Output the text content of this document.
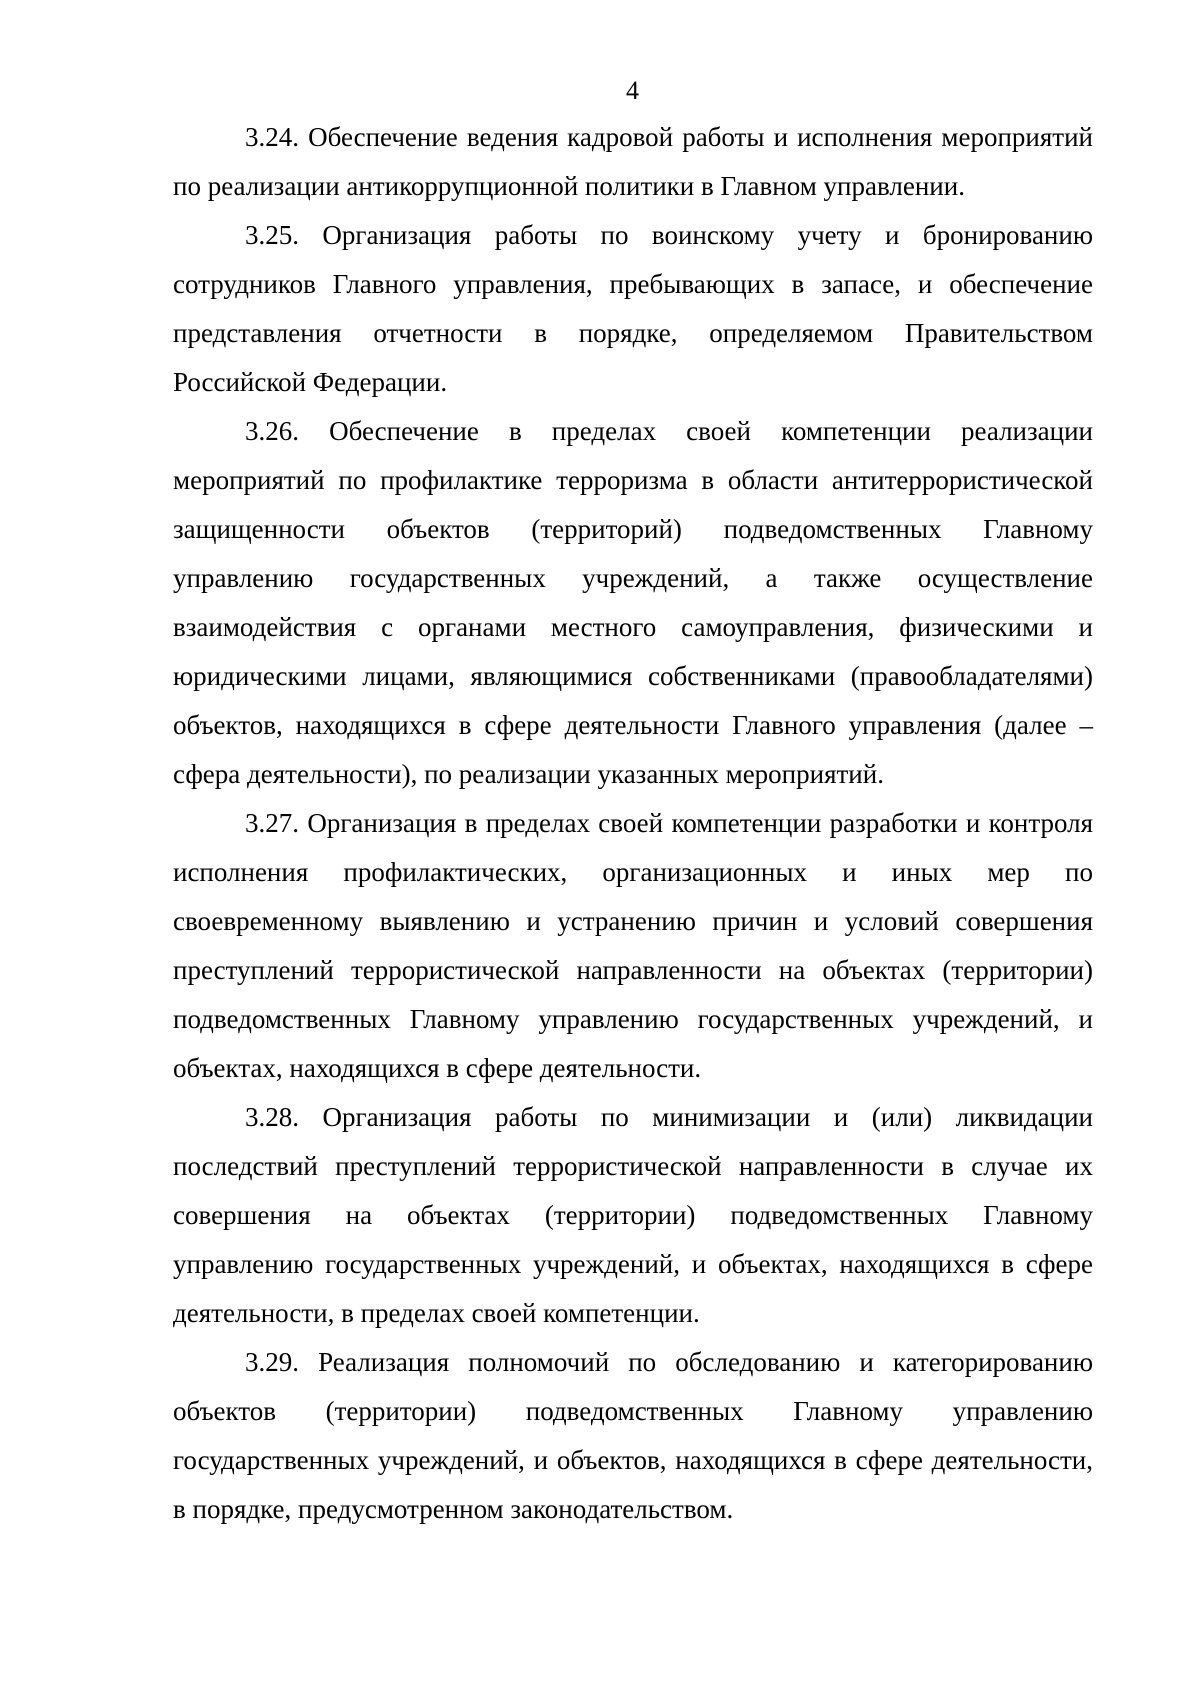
4

3.24. Обеспечение ведения кадровой работы и исполнения мероприятий по реализации антикоррупционной политики в Главном управлении.

3.25. Организация работы по воинскому учету и бронированию сотрудников Главного управления, пребывающих в запасе, и обеспечение представления отчетности в порядке, определяемом Правительством Российской Федерации.

3.26. Обеспечение в пределах своей компетенции реализации мероприятий по профилактике терроризма в области антитеррористической защищенности объектов (территорий) подведомственных Главному управлению государственных учреждений, а также осуществление взаимодействия с органами местного самоуправления, физическими и юридическими лицами, являющимися собственниками (правообладателями) объектов, находящихся в сфере деятельности Главного управления (далее – сфера деятельности), по реализации указанных мероприятий.

3.27. Организация в пределах своей компетенции разработки и контроля исполнения профилактических, организационных и иных мер по своевременному выявлению и устранению причин и условий совершения преступлений террористической направленности на объектах (территории) подведомственных Главному управлению государственных учреждений, и объектах, находящихся в сфере деятельности.

3.28. Организация работы по минимизации и (или) ликвидации последствий преступлений террористической направленности в случае их совершения на объектах (территории) подведомственных Главному управлению государственных учреждений, и объектах, находящихся в сфере деятельности, в пределах своей компетенции.

3.29. Реализация полномочий по обследованию и категорированию объектов (территории) подведомственных Главному управлению государственных учреждений, и объектов, находящихся в сфере деятельности, в порядке, предусмотренном законодательством.
